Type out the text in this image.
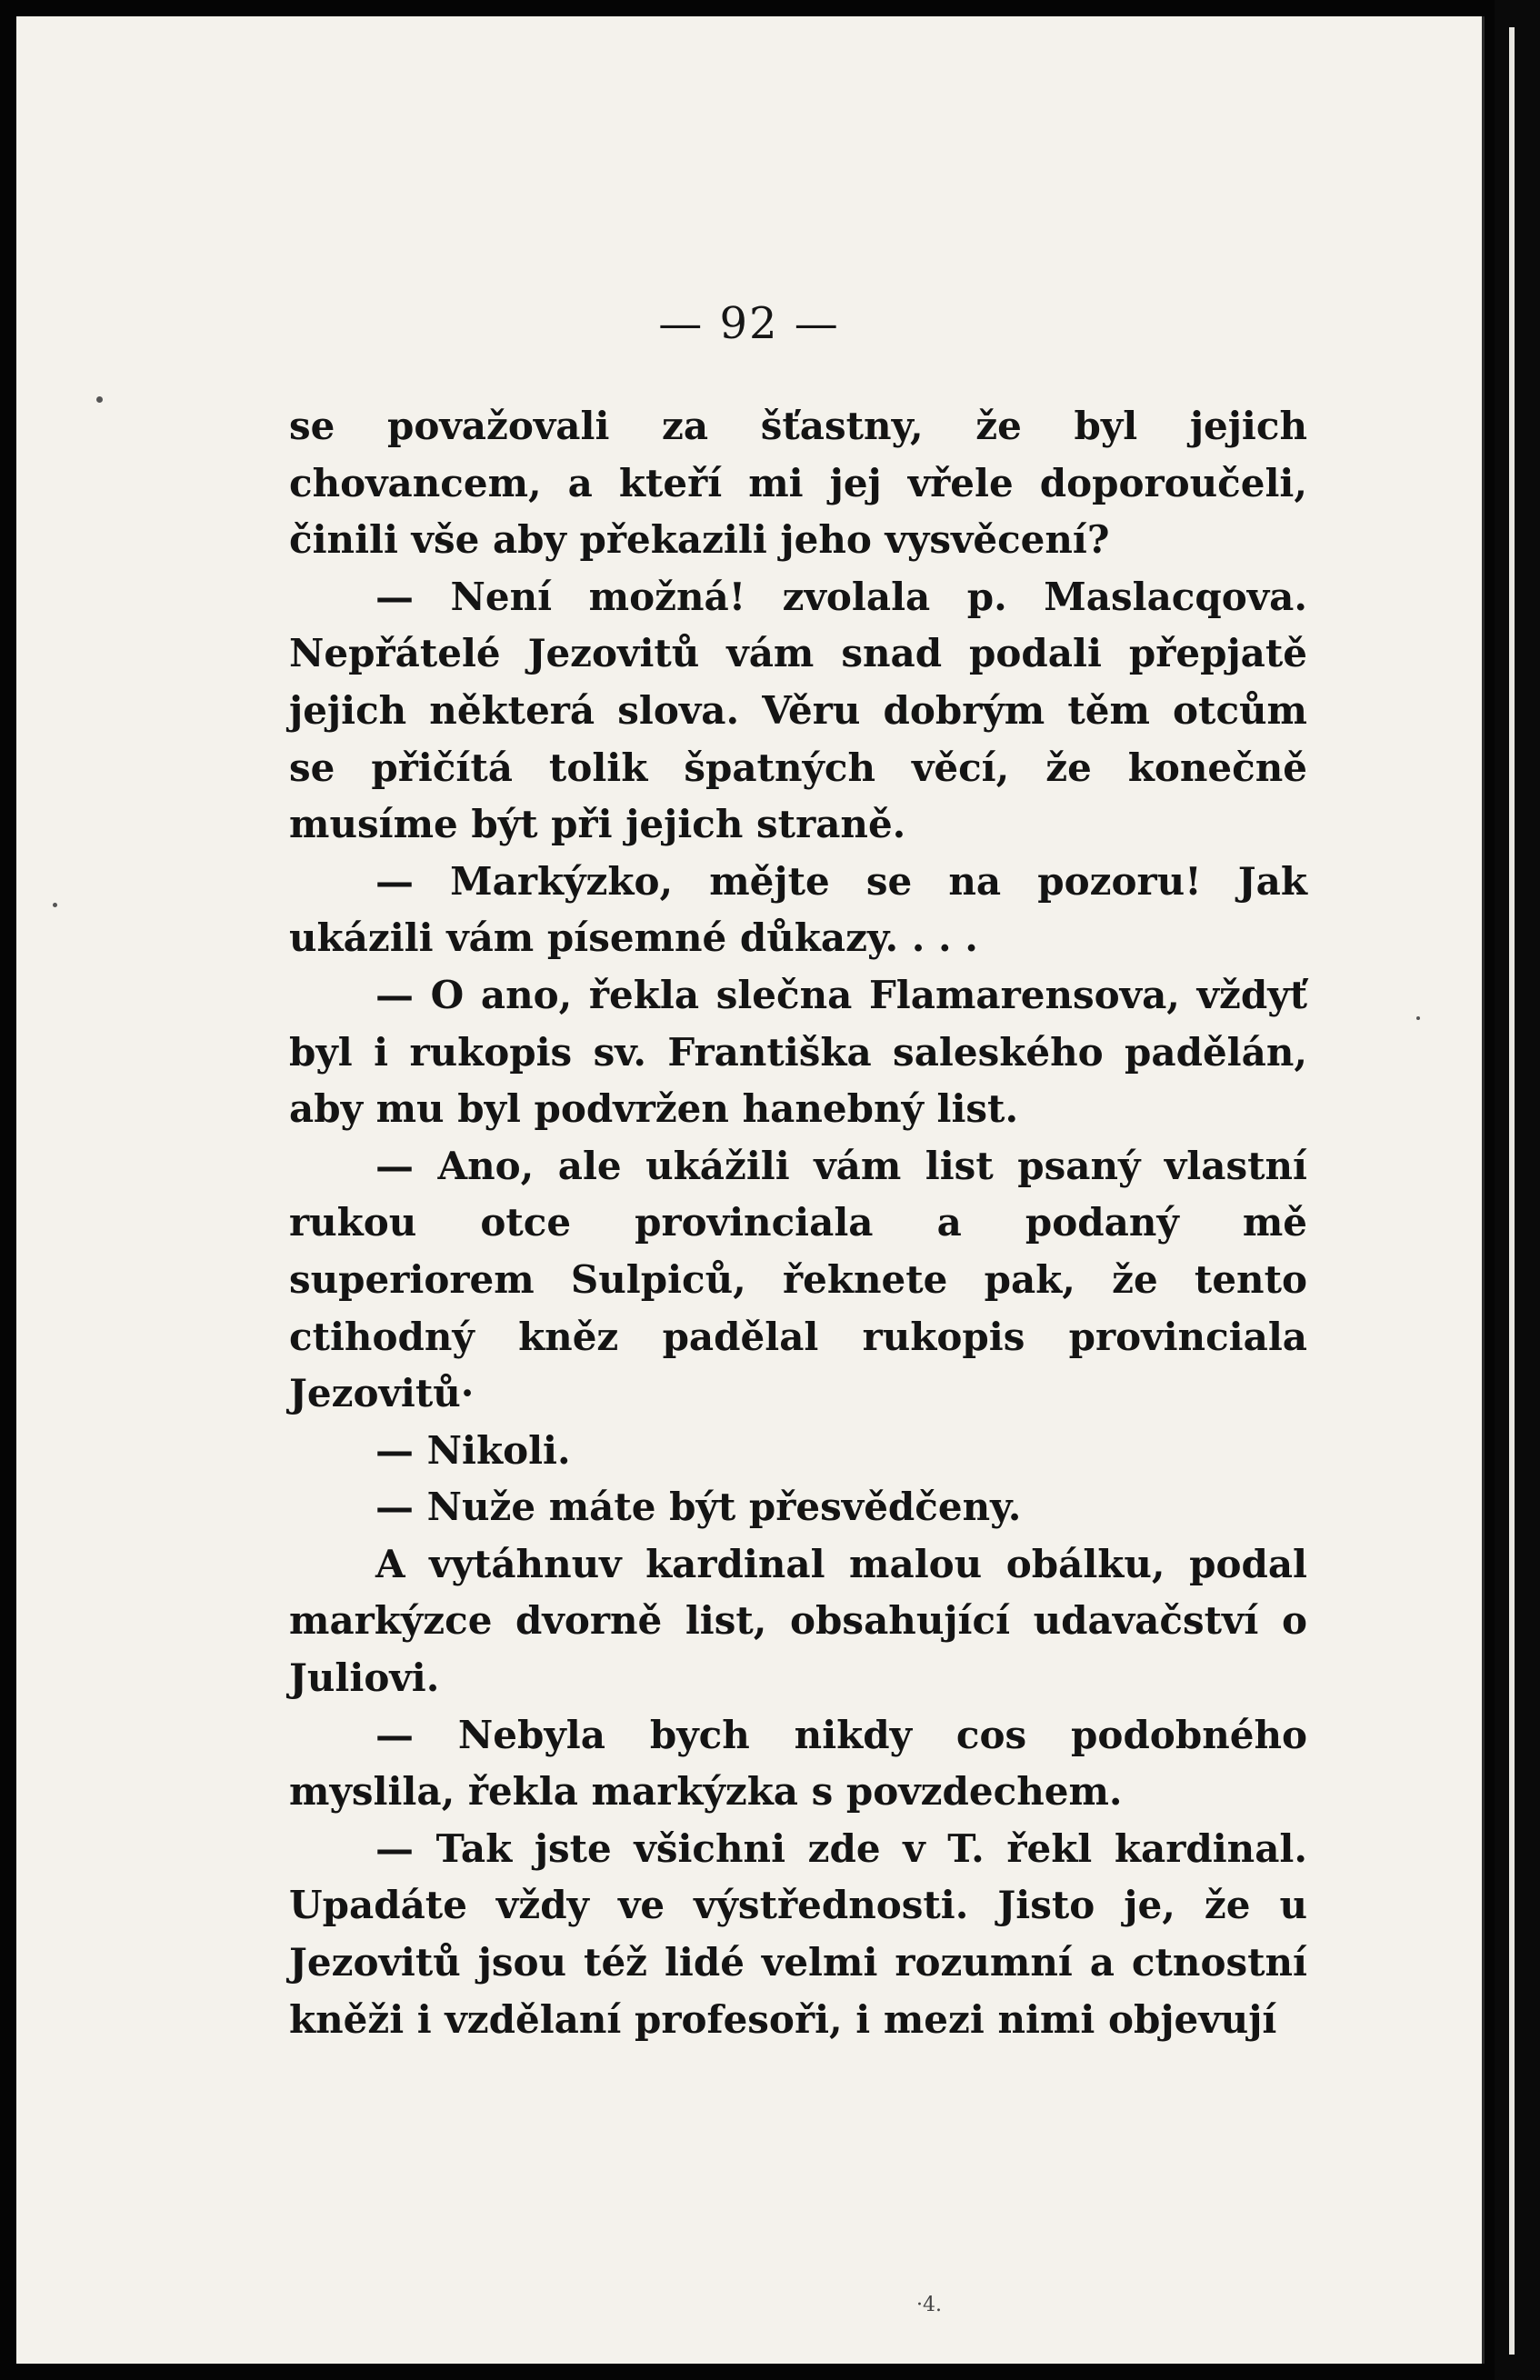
— 92 —

se považovali za šťastny, že byl jejich chovancem, a kteří mi jej vřele doporoučeli, činili vše aby překazili jeho vysvěcení?

— Není možná! zvolala p. Maslacqova. Nepřátelé Jezovitů vám snad podali přepjatě jejich některá slova. Věru dobrým těm otcům se přičítá tolik špatných věcí, že konečně musíme být při jejich straně.

— Markýzko, mějte se na pozoru! Jak ukázili vám písemné důkazy. . . .

— O ano, řekla slečna Flamarensova, vždyť byl i rukopis sv. Františka saleského padělán, aby mu byl podvržen hanebný list.

— Ano, ale ukážili vám list psaný vlastní rukou otce provinciala a podaný mě superiorem Sulpiců, řeknete pak, že tento ctihodný kněz padělal rukopis provinciala Jezovitů·

— Nikoli.

— Nuže máte být přesvědčeny.

A vytáhnuv kardinal malou obálku, podal markýzce dvorně list, obsahující udavačství o Juliovi.

— Nebyla bych nikdy cos podobného myslila, řekla markýzka s povzdechem.

— Tak jste všichni zde v T. řekl kardinal. Upadáte vždy ve výstřednosti. Jisto je, že u Jezovitů jsou též lidé velmi rozumní a ctnostní kněži i vzdělaní profesoři, i mezi nimi objevují

·4.
